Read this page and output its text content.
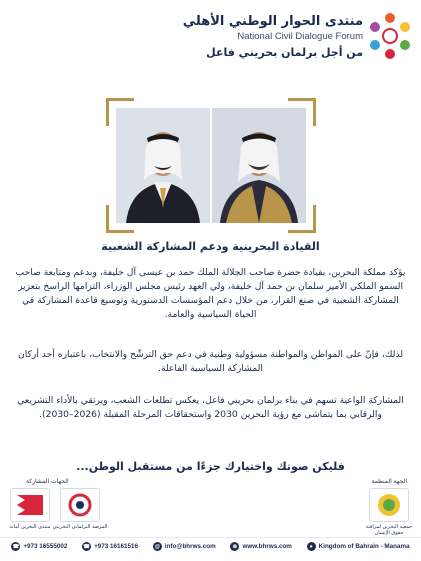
منتدى الحوار الوطني الأهلي
National Civil Dialogue Forum
من أجل برلمان بحريني فاعل
القيادة البحرينية ودعم المشاركة الشعبية
يؤكد مملكة البحرين، بقيادة حضرة صاحب الجلالة الملك حمد بن عيسى آل خليفة، وبدعم ومتابعة صاحب السمو الملكي الأمير سلمان بن حمد آل خليفة، ولي العهد رئيس مجلس الوزراء، التزامها الراسخ بتعزيز المشاركة الشعبية في صنع القرار، من خلال دعم المؤسسات الدستورية وتوسيع قاعدة المشاركة في الحياة السياسية والعامة.
لذلك، فإنّ على المواطن والمواطنة مسؤولية وطنية في دعم حق الترشّح والانتخاب، باعتباره أحد أركان المشاركة السياسية الفاعلة.
المشاركة الواعية تسهم في بناء برلمان بحريني فاعل، يعكس تطلعات الشعب، ويرتقي بالأداء التشريعي والرقابي بما يتماشى مع رؤية البحرين 2030 واستحقاقات المرحلة المقبلة (2026–2030).
فليكن صوتك واختيارك جزءًا من مستقبل الوطن...
الجهات المشاركة	الجهة المنظمة
منتدى البحرين أمانة المرصد البرلماني البحريني	جمعية البحرين لمراقبة حقوق الإنسان
☎ +973 16555002	☎ +973 16161516	@ info@bhrws.com	⊕ www.bhrws.com	● Kingdom of Bahrain - Manama
